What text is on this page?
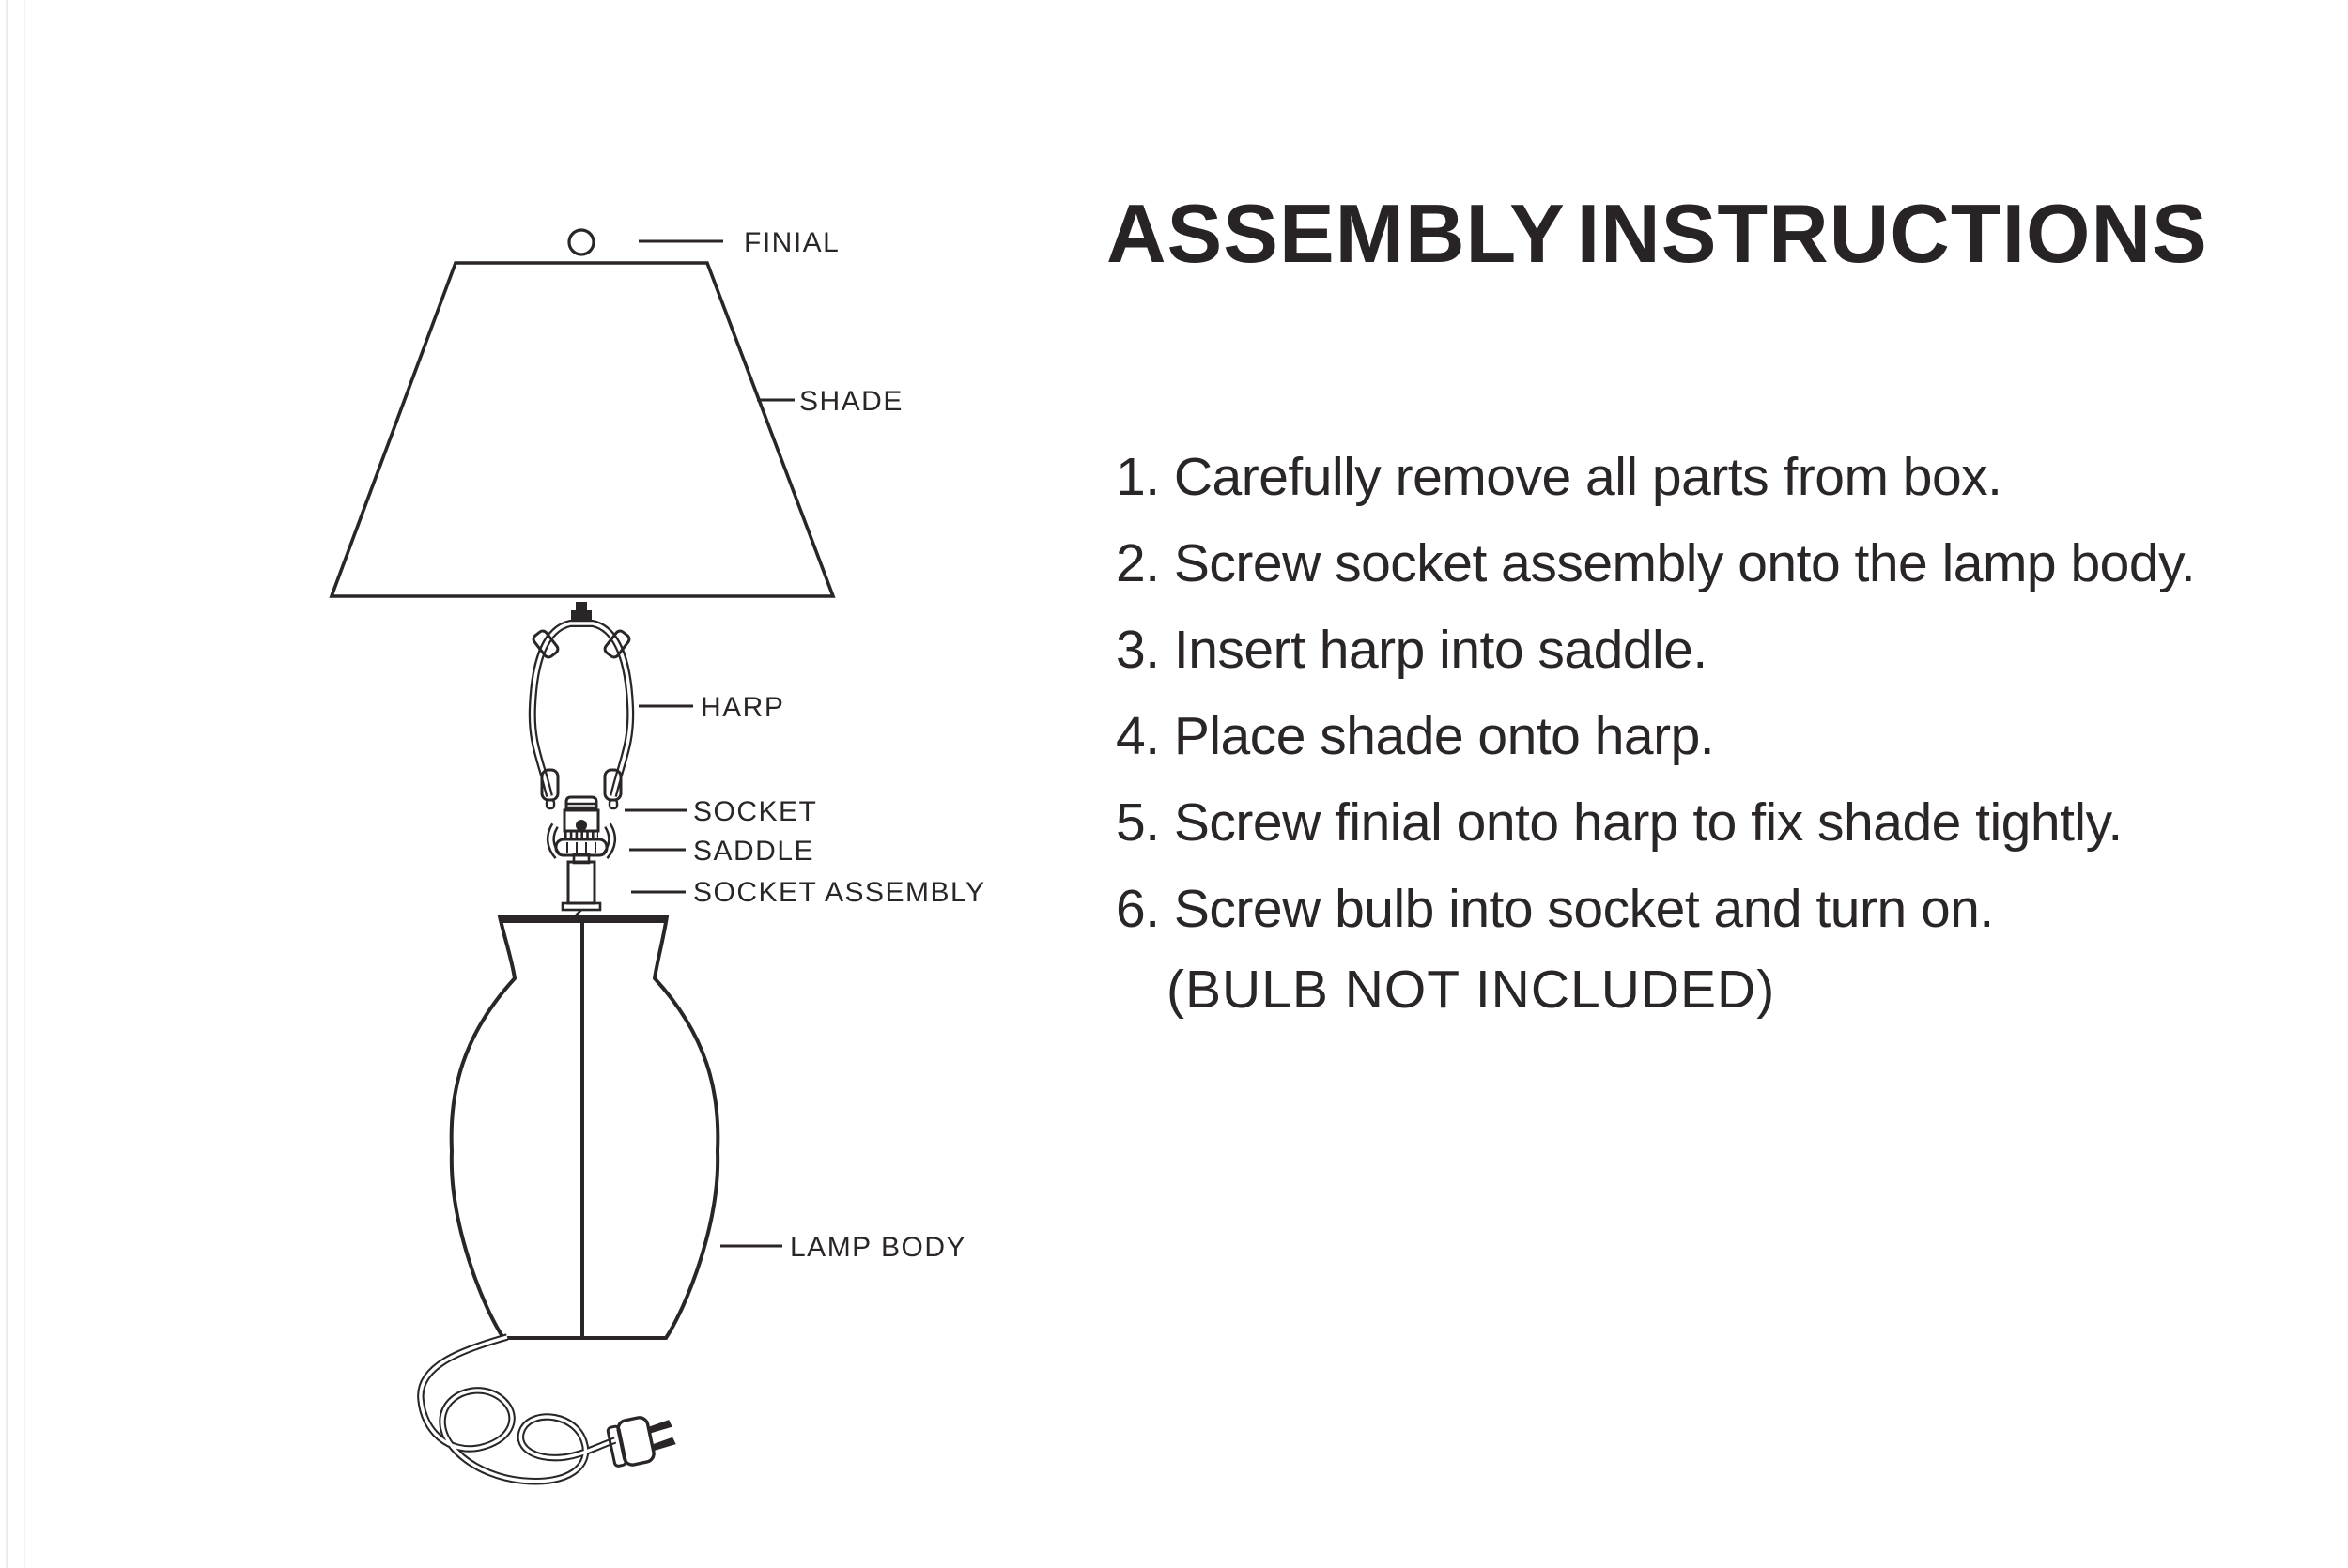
FINIAL
SHADE
HARP
SOCKET
SADDLE
SOCKET ASSEMBLY
LAMP BODY
ASSEMBLY INSTRUCTIONS
1. Carefully remove all parts from box.
2. Screw socket assembly onto the lamp body.
3. Insert harp into saddle.
4. Place shade onto harp.
5. Screw finial onto harp to fix shade tightly.
6. Screw bulb into socket and turn on.
(BULB NOT INCLUDED)
